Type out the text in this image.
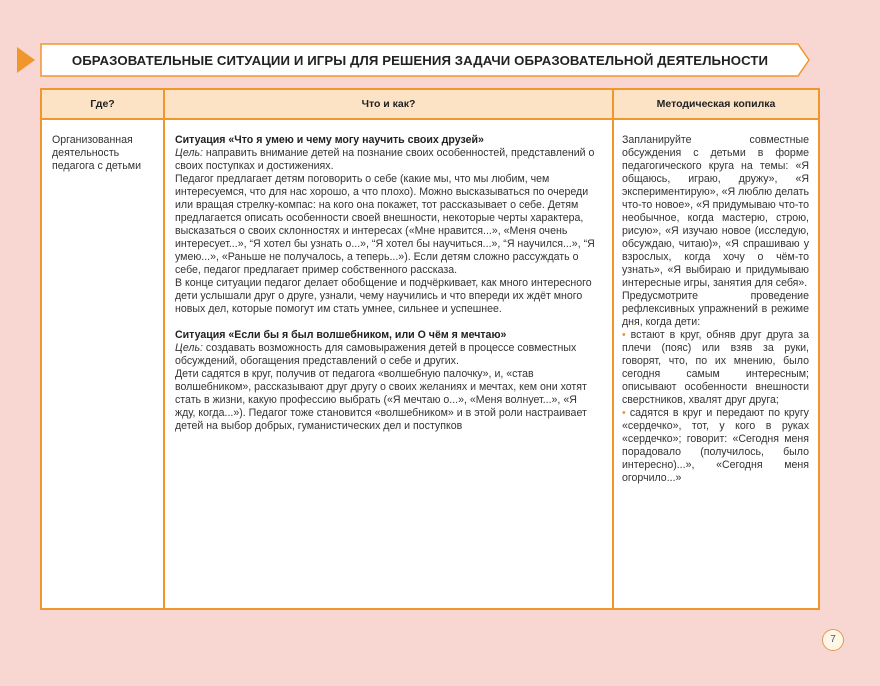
ОБРАЗОВАТЕЛЬНЫЕ СИТУАЦИИ И ИГРЫ ДЛЯ РЕШЕНИЯ ЗАДАЧИ ОБРАЗОВАТЕЛЬНОЙ ДЕЯТЕЛЬНОСТИ
Где?	Что и как?	Методическая копилка
Организованная деятельность педагога с детьми

Ситуация «Что я умею и чему могу научить своих друзей»

Цель: направить внимание детей на познание своих особенностей, представлений о своих поступках и достижениях.

Педагог предлагает детям поговорить о себе (какие мы, что мы любим, чем интересуемся, что для нас хорошо, а что плохо). Можно высказываться по очереди или вращая стрелку-компас: на кого она покажет, тот рассказывает о себе. Детям предлагается описать особенности своей внешности, некоторые черты характера, высказаться о своих склонностях и интересах («Мне нравится...», «Меня очень интересует...», “Я хотел бы узнать о...», “Я хотел бы научиться...», “Я научился...», “Я умею...», «Раньше не получалось, а теперь...»). Если детям сложно рассуждать о себе, педагог предлагает пример собственного рассказа.

В конце ситуации педагог делает обобщение и подчёркивает, как много интересного дети услышали друг о друге, узнали, чему научились и что впереди их ждёт много новых дел, которые помогут им стать умнее, сильнее и успешнее.

Ситуация «Если бы я был волшебником, или О чём я мечтаю»

Цель: создавать возможность для самовыражения детей в процессе совместных обсуждений, обогащения представлений о себе и других.

Дети садятся в круг, получив от педагога «волшебную палочку», и, «став волшебником», рассказывают друг другу о своих желаниях и мечтах, кем они хотят стать в жизни, какую профессию выбрать («Я мечтаю о...», «Меня волнует...», «Я жду, когда...»). Педагог тоже становится «волшебником» и в этой роли настраивает детей на выбор добрых, гуманистических дел и поступков

Запланируйте совместные обсуждения с детьми в форме педагогического круга на темы: «Я общаюсь, играю, дружу», «Я экспериментирую», «Я люблю делать что-то новое», «Я придумываю что-то необычное, когда мастерю, строю, рисую», «Я изучаю новое (исследую, обсуждаю, читаю)», «Я спрашиваю у взрослых, когда хочу о чём-то узнать», «Я выбираю и придумываю интересные игры, занятия для себя».

Предусмотрите проведение рефлексивных упражнений в режиме дня, когда дети:

• встают в круг, обняв друг друга за плечи (пояс) или взяв за руки, говорят, что, по их мнению, было сегодня самым интересным; описывают особенности внешности сверстников, хвалят друг друга;

• садятся в круг и передают по кругу «сердечко», тот, у кого в руках «сердечко»; говорит: «Сегодня меня порадовало (получилось, было интересно)...», «Сегодня меня огорчило...»

7
